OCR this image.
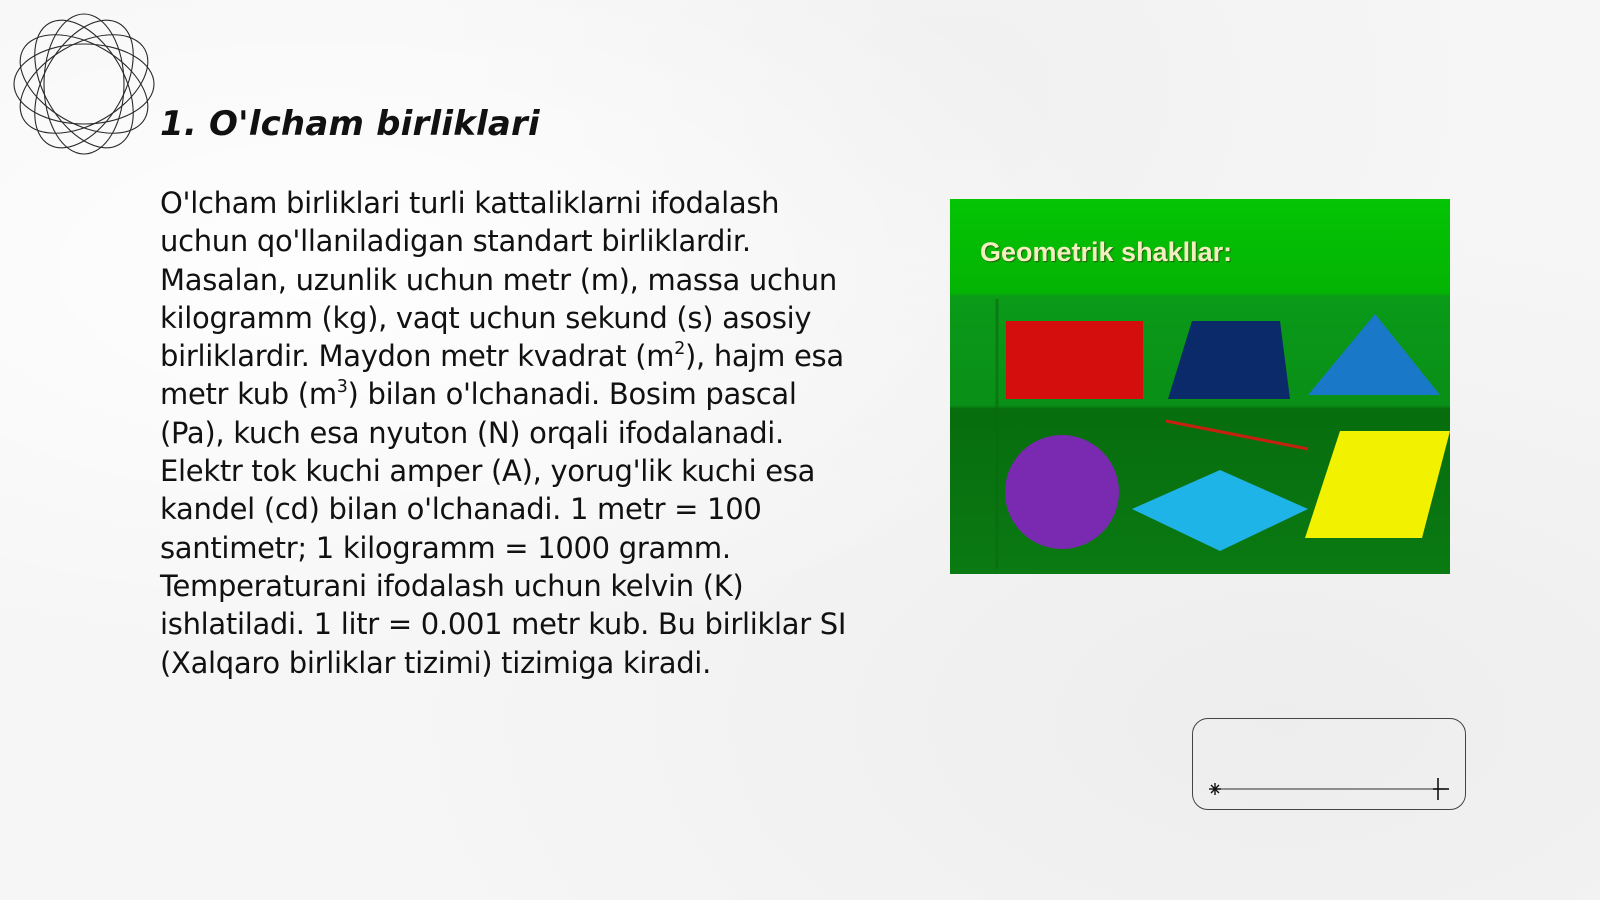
1. O'lcham birliklari

O'lcham birliklari turli kattaliklarni ifodalash uchun qo'llaniladigan standart birliklardir. Masalan, uzunlik uchun metr (m), massa uchun kilogramm (kg), vaqt uchun sekund (s) asosiy birliklardir. Maydon metr kvadrat $(m^2)$, hajm esa metr kub $(m^3)$ bilan o'lchanadi. Bosim pascal (Pa), kuch esa nyuton (N) orqali ifodalanadi. Elektr tok kuchi amper (A), yorug'lik kuchi esa kandel (cd) bilan o'lchanadi. 1 metr = 100 santimetr; 1 kilogramm = 1000 gramm. Temperaturani ifodalash uchun kelvin (K) ishlatiladi. 1 litr = 0.001 metr kub. Bu birliklar SI (Xalqaro birliklar tizimi) tizimiga kiradi.

Geometrik shakllar:
